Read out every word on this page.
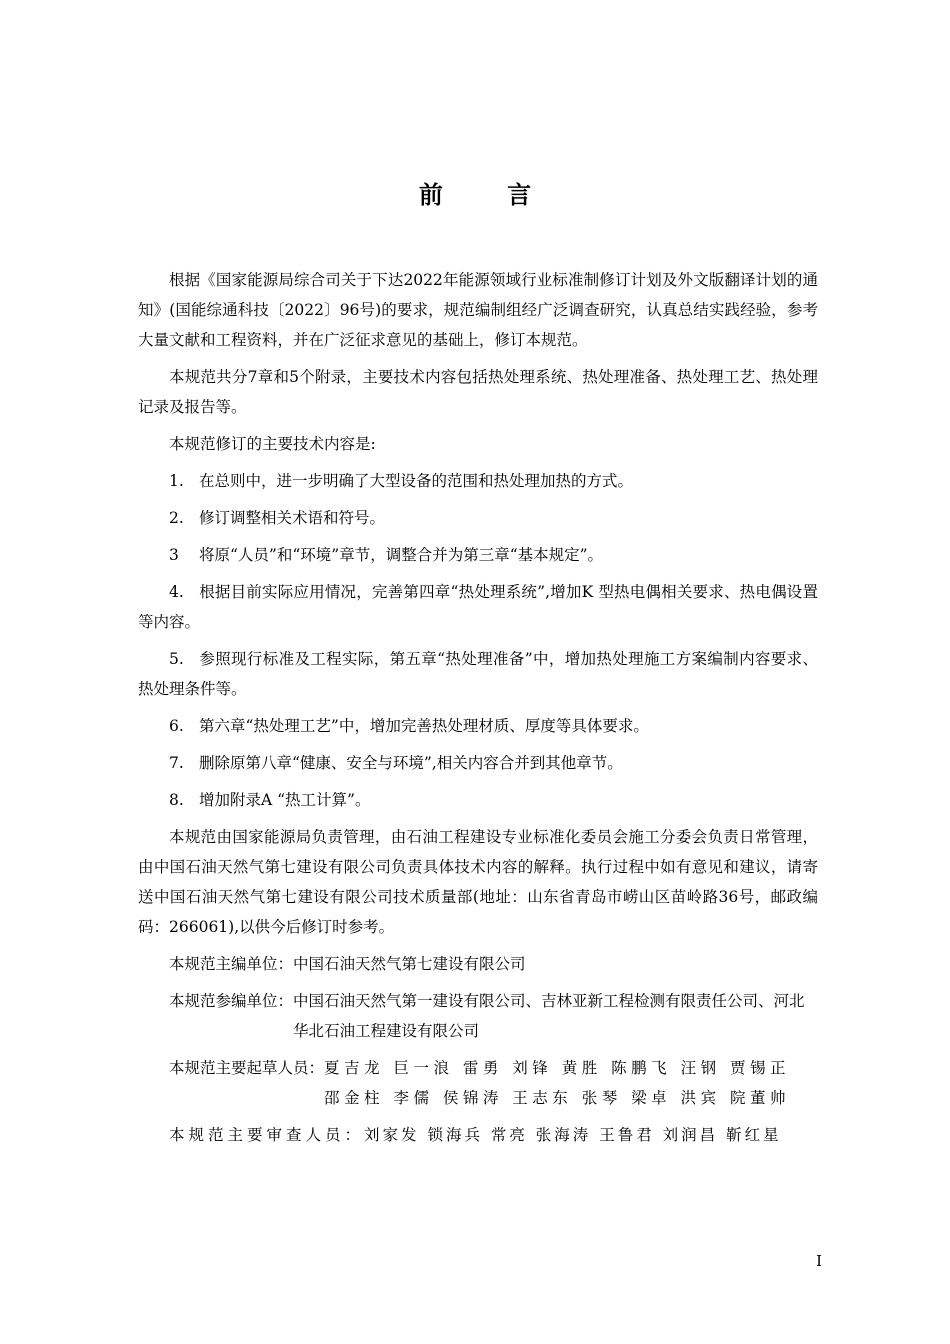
前 言

根据《国家能源局综合司关于下达2022年能源领域行业标准制修订计划及外文版翻译计划的通知》(国能综通科技〔2022〕96号)的要求，规范编制组经广泛调查研究，认真总结实践经验，参考大量文献和工程资料，并在广泛征求意见的基础上，修订本规范。

本规范共分7章和5个附录，主要技术内容包括热处理系统、热处理准备、热处理工艺、热处理记录及报告等。

本规范修订的主要技术内容是:

1. 在总则中，进一步明确了大型设备的范围和热处理加热的方式。

2. 修订调整相关术语和符号。

3 将原“人员”和“环境”章节，调整合并为第三章“基本规定”。

4. 根据目前实际应用情况，完善第四章“热处理系统”,增加K 型热电偶相关要求、热电偶设置等内容。

5. 参照现行标准及工程实际，第五章“热处理准备”中，增加热处理施工方案编制内容要求、热处理条件等。

6. 第六章“热处理工艺”中，增加完善热处理材质、厚度等具体要求。

7. 删除原第八章“健康、安全与环境”,相关内容合并到其他章节。

8. 增加附录A “热工计算”。

本规范由国家能源局负责管理，由石油工程建设专业标准化委员会施工分委会负责日常管理，由中国石油天然气第七建设有限公司负责具体技术内容的解释。执行过程中如有意见和建议，请寄送中国石油天然气第七建设有限公司技术质量部(地址：山东省青岛市崂山区苗岭路36号，邮政编码：266061),以供今后修订时参考。

本规范主编单位： 中国石油天然气第七建设有限公司
本规范参编单位： 中国石油天然气第一建设有限公司、吉林亚新工程检测有限责任公司、河北华北石油工程建设有限公司
本规范主要起草人员： 夏吉龙 巨一浪 雷勇 刘锋 黄胜 陈鹏飞 汪钢 贾锡正 邵金柱 李儒 侯锦涛 王志东 张琴 梁卓 洪宾 院董帅
本规范主要审查人员： 刘家发 锁海兵 常亮 张海涛 王鲁君 刘润昌 靳红星
I
